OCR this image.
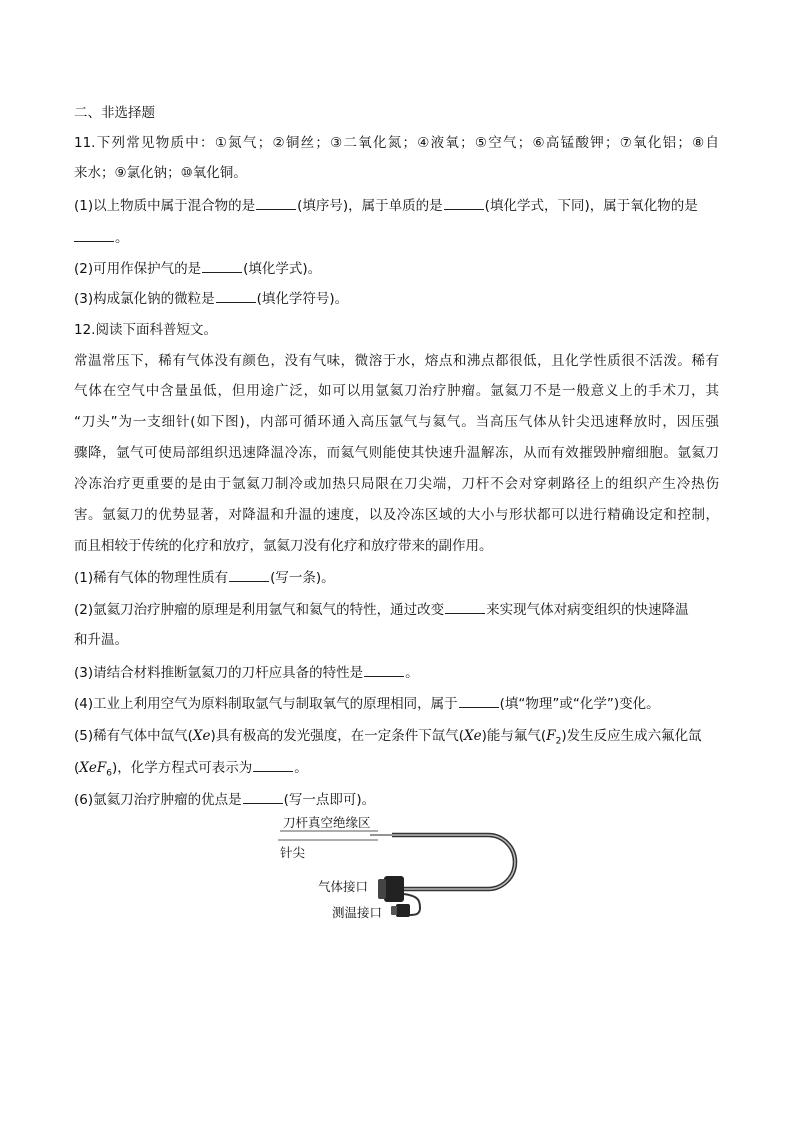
二、非选择题
11.下列常见物质中：①氮气；②铜丝；③二氧化氮；④液氧；⑤空气；⑥高锰酸钾；⑦氧化铝；⑧自
来水；⑨氯化钠；⑩氧化铜。
(1)以上物质中属于混合物的是	(填序号)，属于单质的是	(填化学式，下同)，属于氧化物的是
。
(2)可用作保护气的是	(填化学式)。
(3)构成氯化钠的微粒是	(填化学符号)。
12.阅读下面科普短文。
常温常压下，稀有气体没有颜色，没有气味，微溶于水，熔点和沸点都很低，且化学性质很不活泼。稀有
气体在空气中含量虽低，但用途广泛，如可以用氩氦刀治疗肿瘤。氩氦刀不是一般意义上的手术刀，其
“刀头”为一支细针(如下图)，内部可循环通入高压氩气与氦气。当高压气体从针尖迅速释放时，因压强
骤降，氩气可使局部组织迅速降温冷冻，而氦气则能使其快速升温解冻，从而有效摧毁肿瘤细胞。氩氦刀
冷冻治疗更重要的是由于氩氦刀制冷或加热只局限在刀尖端，刀杆不会对穿刺路径上的组织产生冷热伤
害。氩氦刀的优势显著，对降温和升温的速度，以及冷冻区域的大小与形状都可以进行精确设定和控制，
而且相较于传统的化疗和放疗，氩氦刀没有化疗和放疗带来的副作用。
(1)稀有气体的物理性质有	(写一条)。
(2)氩氦刀治疗肿瘤的原理是利用氩气和氦气的特性，通过改变	来实现气体对病变组织的快速降温
和升温。
(3)请结合材料推断氩氦刀的刀杆应具备的特性是	。
(4)工业上利用空气为原料制取氩气与制取氧气的原理相同，属于	(填“物理”或“化学”)变化。
(5)稀有气体中氙气(Xe)具有极高的发光强度，在一定条件下氙气(Xe)能与氟气$(F_2)$发生反应生成六氟化氙
(XeF$_6$)，化学方程式可表示为	。
(6)氩氦刀治疗肿瘤的优点是	(写一点即可)。
刀杆真空绝缘区
针尖
气体接口
测温接口
